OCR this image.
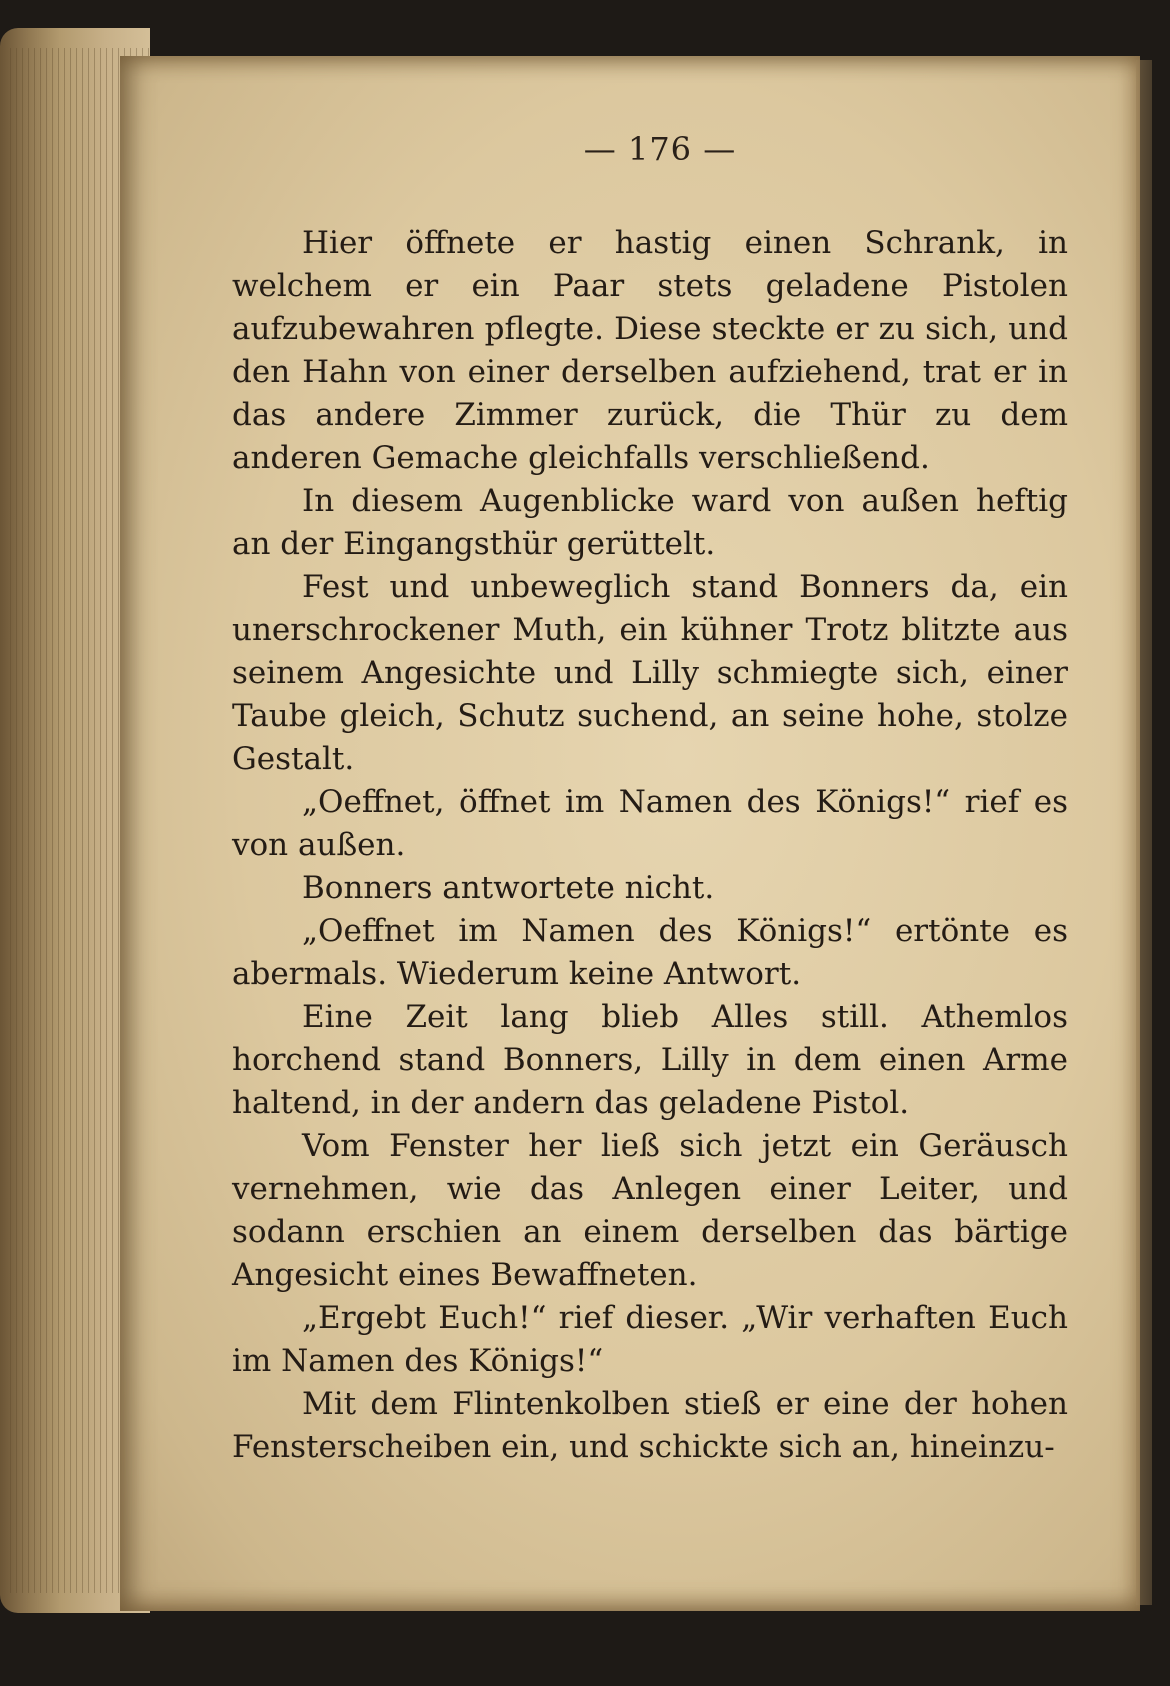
— 176 —

Hier öffnete er hastig einen Schrank, in welchem er ein Paar stets geladene Pistolen aufzubewahren pflegte. Diese steckte er zu sich, und den Hahn von einer derselben aufziehend, trat er in das andere Zimmer zurück, die Thür zu dem anderen Gemache gleichfalls verschließend.

In diesem Augenblicke ward von außen heftig an der Eingangsthür gerüttelt.

Fest und unbeweglich stand Bonners da, ein unerschrockener Muth, ein kühner Trotz blitzte aus seinem Angesichte und Lilly schmiegte sich, einer Taube gleich, Schutz suchend, an seine hohe, stolze Gestalt.

„Oeffnet, öffnet im Namen des Königs!“ rief es von außen.

Bonners antwortete nicht.

„Oeffnet im Namen des Königs!“ ertönte es abermals. Wiederum keine Antwort.

Eine Zeit lang blieb Alles still. Athemlos horchend stand Bonners, Lilly in dem einen Arme haltend, in der andern das geladene Pistol.

Vom Fenster her ließ sich jetzt ein Geräusch vernehmen, wie das Anlegen einer Leiter, und sodann erschien an einem derselben das bärtige Angesicht eines Bewaffneten.

„Ergebt Euch!“ rief dieser. „Wir verhaften Euch im Namen des Königs!“

Mit dem Flintenkolben stieß er eine der hohen Fensterscheiben ein, und schickte sich an, hineinzu-
